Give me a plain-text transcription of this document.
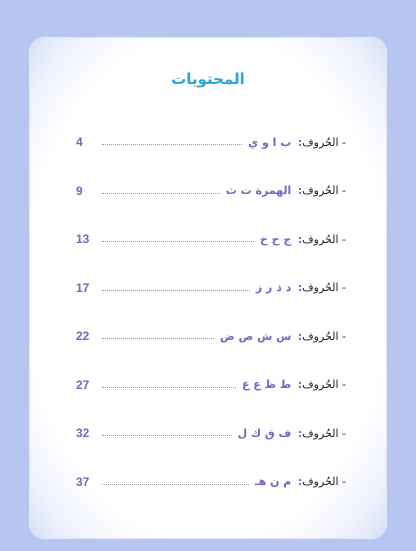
المحتويات
- الحُروف: ب ا و ي
4
- الحُروف: الهمزة ت ث
9
- الحُروف: ج ح خ
13
- الحُروف: د ذ ر ز
17
- الحُروف: س ش ص ض
22
- الحُروف: ط ظ ع غ
27
- الحُروف: ف ق ك ل
32
- الحُروف: م ن هـ
37
